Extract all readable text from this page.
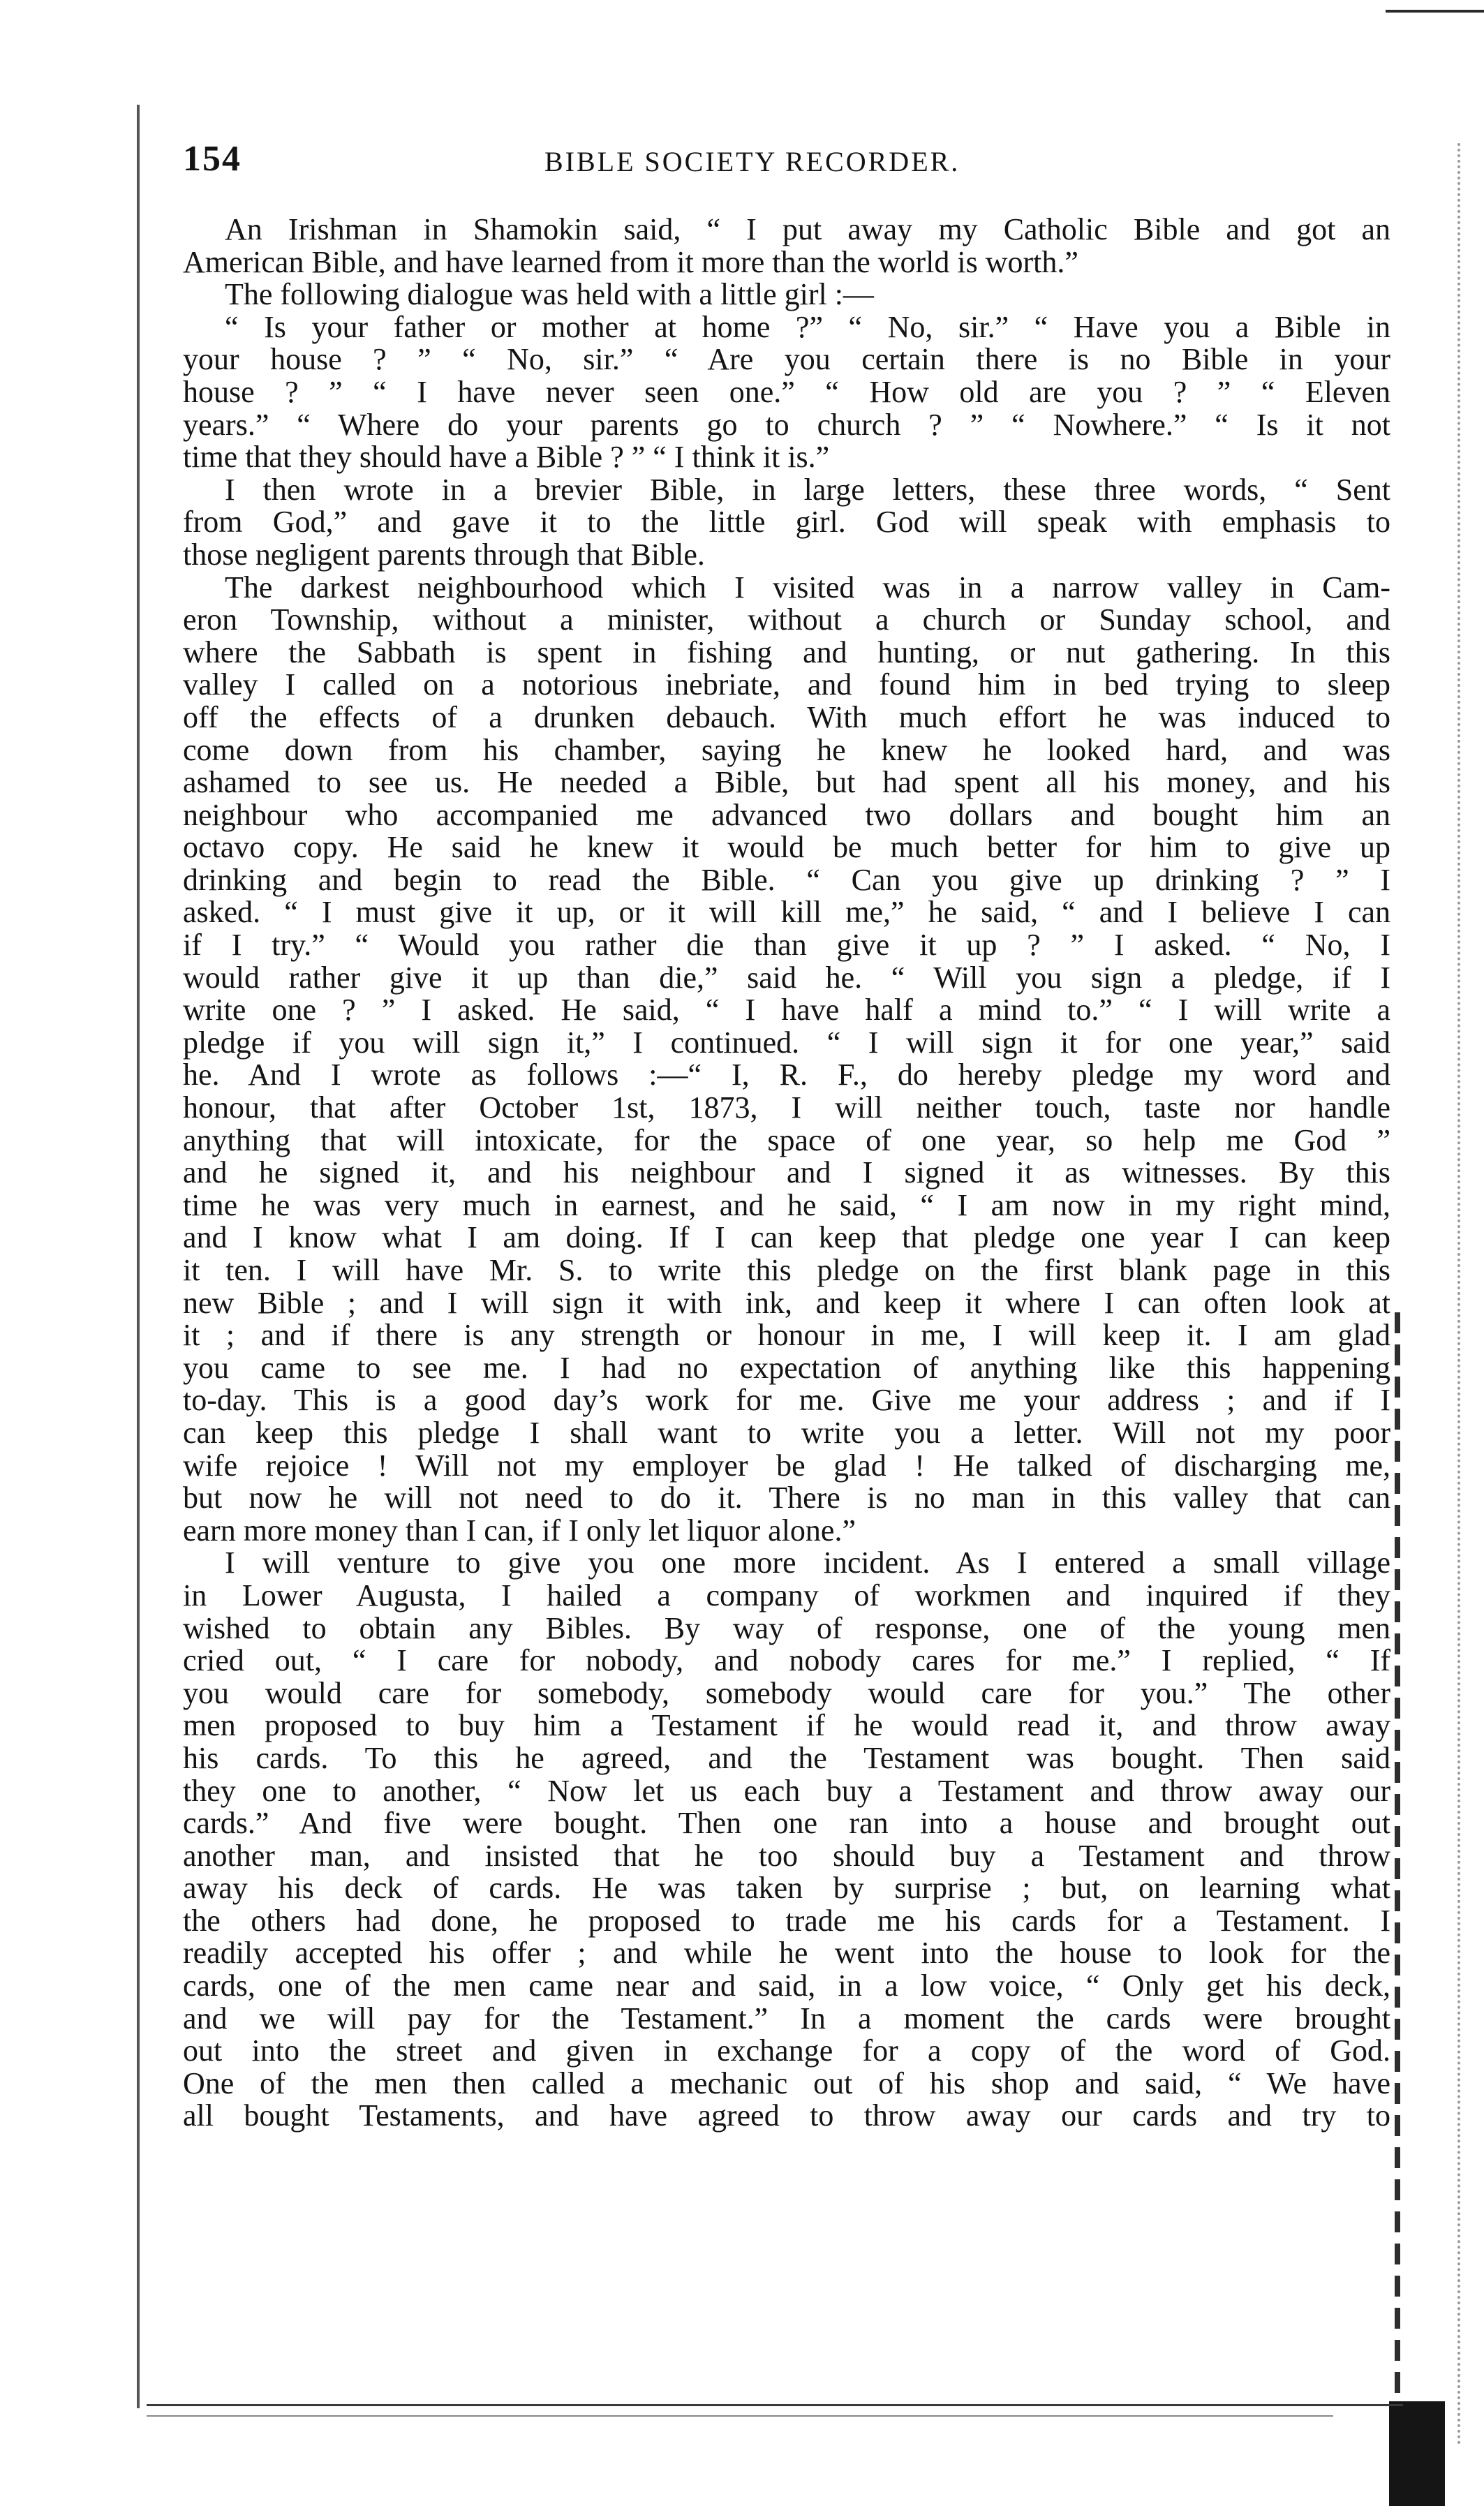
154	BIBLE SOCIETY RECORDER.

An Irishman in Shamokin said, “ I put away my Catholic Bible and got an
American Bible, and have learned from it more than the world is worth.”

The following dialogue was held with a little girl :—

“ Is your father or mother at home ?” “ No, sir.” “ Have you a Bible in
your house ? ” “ No, sir.” “ Are you certain there is no Bible in your
house ? ” “ I have never seen one.” “ How old are you ? ” “ Eleven
years.” “ Where do your parents go to church ? ” “ Nowhere.” “ Is it not
time that they should have a Bible ? ” “ I think it is.”

I then wrote in a brevier Bible, in large letters, these three words, “ Sent
from God,” and gave it to the little girl. God will speak with emphasis to
those negligent parents through that Bible.

The darkest neighbourhood which I visited was in a narrow valley in Cam-
eron Township, without a minister, without a church or Sunday school, and
where the Sabbath is spent in fishing and hunting, or nut gathering. In this
valley I called on a notorious inebriate, and found him in bed trying to sleep
off the effects of a drunken debauch. With much effort he was induced to
come down from his chamber, saying he knew he looked hard, and was
ashamed to see us. He needed a Bible, but had spent all his money, and his
neighbour who accompanied me advanced two dollars and bought him an
octavo copy. He said he knew it would be much better for him to give up
drinking and begin to read the Bible. “ Can you give up drinking ? ” I
asked. “ I must give it up, or it will kill me,” he said, “ and I believe I can
if I try.” “ Would you rather die than give it up ? ” I asked. “ No, I
would rather give it up than die,” said he. “ Will you sign a pledge, if I
write one ? ” I asked. He said, “ I have half a mind to.” “ I will write a
pledge if you will sign it,” I continued. “ I will sign it for one year,” said
he. And I wrote as follows :—“ I, R. F., do hereby pledge my word and
honour, that after October 1st, 1873, I will neither touch, taste nor handle
anything that will intoxicate, for the space of one year, so help me God ”
and he signed it, and his neighbour and I signed it as witnesses. By this
time he was very much in earnest, and he said, “ I am now in my right mind,
and I know what I am doing. If I can keep that pledge one year I can keep
it ten. I will have Mr. S. to write this pledge on the first blank page in this
new Bible ; and I will sign it with ink, and keep it where I can often look at
it ; and if there is any strength or honour in me, I will keep it. I am glad
you came to see me. I had no expectation of anything like this happening
to-day. This is a good day’s work for me. Give me your address ; and if I
can keep this pledge I shall want to write you a letter. Will not my poor
wife rejoice ! Will not my employer be glad ! He talked of discharging me,
but now he will not need to do it. There is no man in this valley that can
earn more money than I can, if I only let liquor alone.”

I will venture to give you one more incident. As I entered a small village
in Lower Augusta, I hailed a company of workmen and inquired if they
wished to obtain any Bibles. By way of response, one of the young men
cried out, “ I care for nobody, and nobody cares for me.” I replied, “ If
you would care for somebody, somebody would care for you.” The other
men proposed to buy him a Testament if he would read it, and throw away
his cards. To this he agreed, and the Testament was bought. Then said
they one to another, “ Now let us each buy a Testament and throw away our
cards.” And five were bought. Then one ran into a house and brought out
another man, and insisted that he too should buy a Testament and throw
away his deck of cards. He was taken by surprise ; but, on learning what
the others had done, he proposed to trade me his cards for a Testament. I
readily accepted his offer ; and while he went into the house to look for the
cards, one of the men came near and said, in a low voice, “ Only get his deck,
and we will pay for the Testament.” In a moment the cards were brought
out into the street and given in exchange for a copy of the word of God.
One of the men then called a mechanic out of his shop and said, “ We have
all bought Testaments, and have agreed to throw away our cards and try to
